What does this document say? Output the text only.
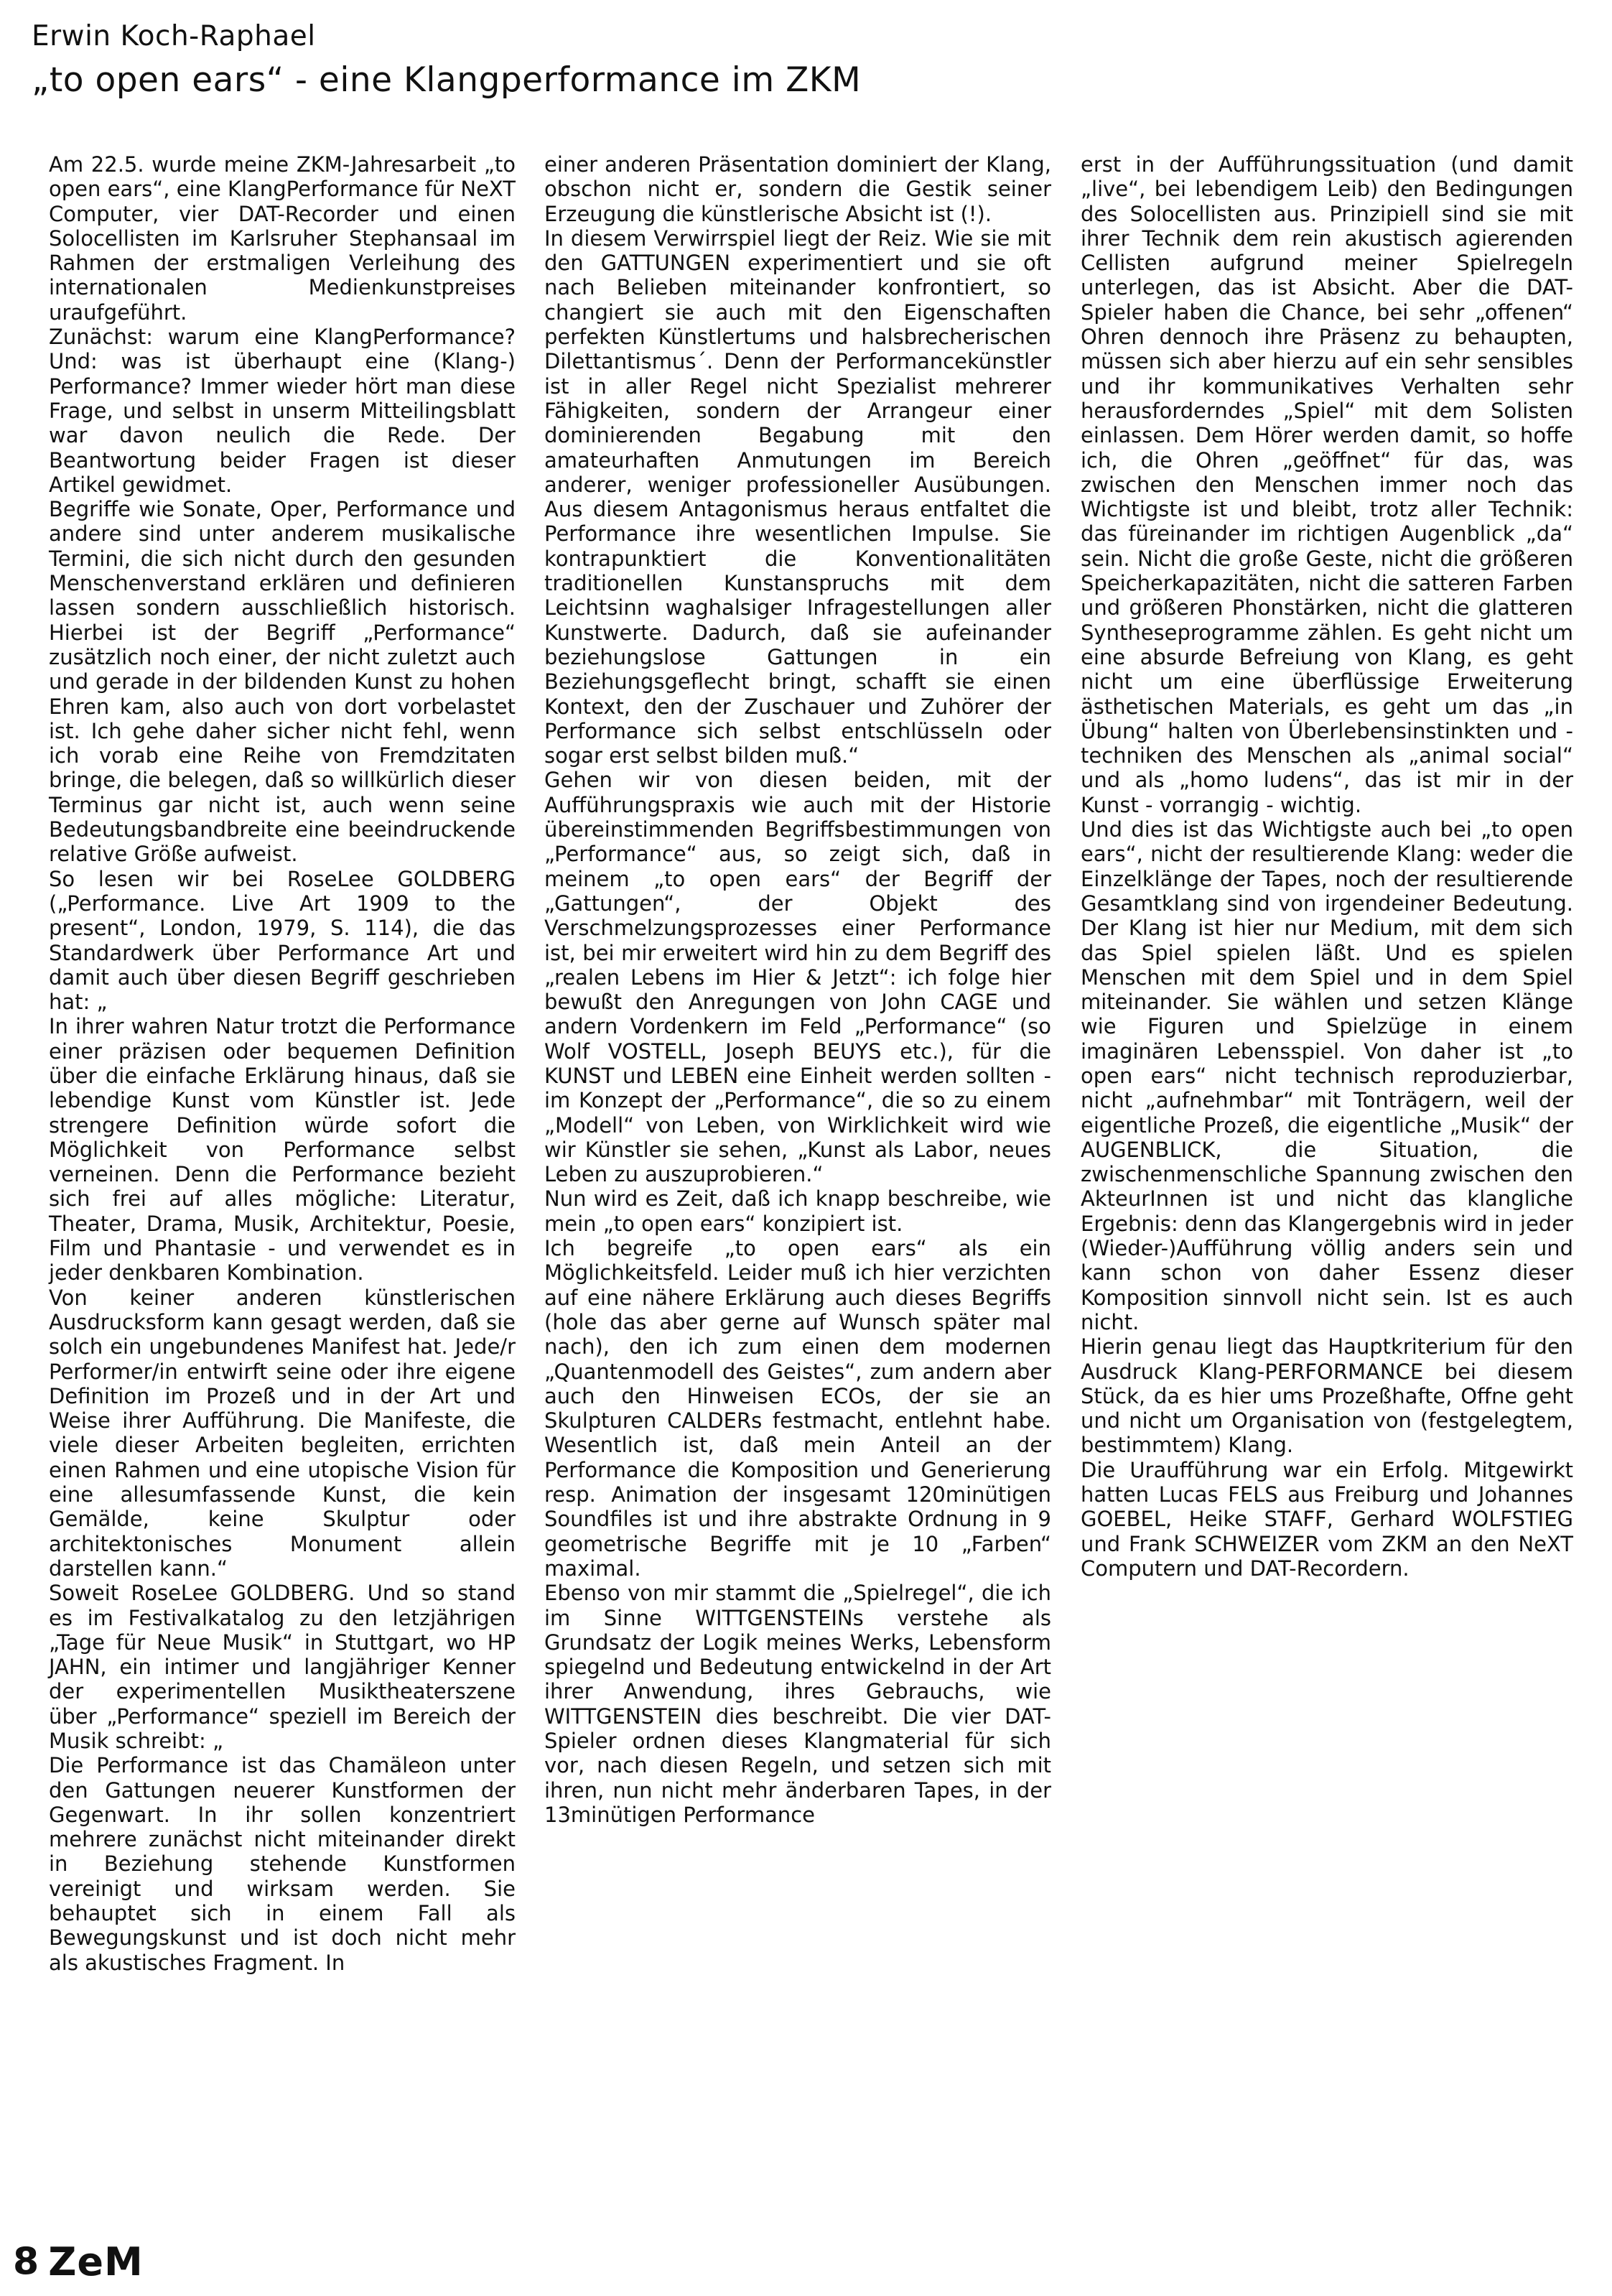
Erwin Koch-Raphael
„to open ears“ - eine Klangperformance im ZKM

Am 22.5. wurde meine ZKM-Jahresarbeit „to open ears“, eine KlangPerformance für NeXT Computer, vier DAT-Recorder und einen Solocellisten im Karlsruher Stephansaal im Rahmen der erstmaligen Verleihung des internationalen Medienkunstpreises uraufgeführt.

Zunächst: warum eine KlangPerformance? Und: was ist überhaupt eine (Klang-) Performance? Immer wieder hört man diese Frage, und selbst in unserm Mitteilingsblatt war davon neulich die Rede. Der Beantwortung beider Fragen ist dieser Artikel gewidmet.

Begriffe wie Sonate, Oper, Performance und andere sind unter anderem musikalische Termini, die sich nicht durch den gesunden Menschenverstand erklären und definieren lassen sondern ausschließlich historisch. Hierbei ist der Begriff „Performance“ zusätzlich noch einer, der nicht zuletzt auch und gerade in der bildenden Kunst zu hohen Ehren kam, also auch von dort vorbelastet ist. Ich gehe daher sicher nicht fehl, wenn ich vorab eine Reihe von Fremdzitaten bringe, die belegen, daß so willkürlich dieser Terminus gar nicht ist, auch wenn seine Bedeutungsbandbreite eine beeindruckende relative Größe aufweist.

So lesen wir bei RoseLee GOLDBERG („Performance. Live Art 1909 to the present“, London, 1979, S. 114), die das Standardwerk über Performance Art und damit auch über diesen Begriff geschrieben hat: „

In ihrer wahren Natur trotzt die Performance einer präzisen oder bequemen Definition über die einfache Erklärung hinaus, daß sie lebendige Kunst vom Künstler ist. Jede strengere Definition würde sofort die Möglichkeit von Performance selbst verneinen. Denn die Performance bezieht sich frei auf alles mögliche: Literatur, Theater, Drama, Musik, Architektur, Poesie, Film und Phantasie - und verwendet es in jeder denkbaren Kombination.

Von keiner anderen künstlerischen Ausdrucksform kann gesagt werden, daß sie solch ein ungebundenes Manifest hat. Jede/r Performer/in entwirft seine oder ihre eigene Definition im Prozeß und in der Art und Weise ihrer Aufführung. Die Manifeste, die viele dieser Arbeiten begleiten, errichten einen Rahmen und eine utopische Vision für eine allesumfassende Kunst, die kein Gemälde, keine Skulptur oder architektonisches Monument allein darstellen kann.“

Soweit RoseLee GOLDBERG. Und so stand es im Festivalkatalog zu den letzjährigen „Tage für Neue Musik“ in Stuttgart, wo HP JAHN, ein intimer und langjähriger Kenner der experimentellen Musiktheaterszene über „Performance“ speziell im Bereich der Musik schreibt: „

Die Performance ist das Chamäleon unter den Gattungen neuerer Kunstformen der Gegenwart. In ihr sollen konzentriert mehrere zunächst nicht miteinander direkt in Beziehung stehende Kunstformen vereinigt und wirksam werden. Sie behauptet sich in einem Fall als Bewegungskunst und ist doch nicht mehr als akustisches Fragment. In

einer anderen Präsentation dominiert der Klang, obschon nicht er, sondern die Gestik seiner Erzeugung die künstlerische Absicht ist (!).

In diesem Verwirrspiel liegt der Reiz. Wie sie mit den GATTUNGEN experimentiert und sie oft nach Belieben miteinander konfrontiert, so changiert sie auch mit den Eigenschaften perfekten Künstlertums und halsbrecherischen Dilettantismus´. Denn der Performancekünstler ist in aller Regel nicht Spezialist mehrerer Fähigkeiten, sondern der Arrangeur einer dominierenden Begabung mit den amateurhaften Anmutungen im Bereich anderer, weniger professioneller Ausübungen. Aus diesem Antagonismus heraus entfaltet die Performance ihre wesentlichen Impulse. Sie kontrapunktiert die Konventionalitäten traditionellen Kunstanspruchs mit dem Leichtsinn waghalsiger Infragestellungen aller Kunstwerte. Dadurch, daß sie aufeinander beziehungslose Gattungen in ein Beziehungsgeflecht bringt, schafft sie einen Kontext, den der Zuschauer und Zuhörer der Performance sich selbst entschlüsseln oder sogar erst selbst bilden muß.“

Gehen wir von diesen beiden, mit der Aufführungspraxis wie auch mit der Historie übereinstimmenden Begriffsbestimmungen von „Performance“ aus, so zeigt sich, daß in meinem „to open ears“ der Begriff der „Gattungen“, der Objekt des Verschmelzungsprozesses einer Performance ist, bei mir erweitert wird hin zu dem Begriff des „realen Lebens im Hier & Jetzt“: ich folge hier bewußt den Anregungen von John CAGE und andern Vordenkern im Feld „Performance“ (so Wolf VOSTELL, Joseph BEUYS etc.), für die KUNST und LEBEN eine Einheit werden sollten - im Konzept der „Performance“, die so zu einem „Modell“ von Leben, von Wirklichkeit wird wie wir Künstler sie sehen, „Kunst als Labor, neues Leben zu auszuprobieren.“

Nun wird es Zeit, daß ich knapp beschreibe, wie mein „to open ears“ konzipiert ist.

Ich begreife „to open ears“ als ein Möglichkeitsfeld. Leider muß ich hier verzichten auf eine nähere Erklärung auch dieses Begriffs (hole das aber gerne auf Wunsch später mal nach), den ich zum einen dem modernen „Quantenmodell des Geistes“, zum andern aber auch den Hinweisen ECOs, der sie an Skulpturen CALDERs festmacht, entlehnt habe. Wesentlich ist, daß mein Anteil an der Performance die Komposition und Generierung resp. Animation der insgesamt 120minütigen Soundfiles ist und ihre abstrakte Ordnung in 9 geometrische Begriffe mit je 10 „Farben“ maximal.

Ebenso von mir stammt die „Spielregel“, die ich im Sinne WITTGENSTEINs verstehe als Grundsatz der Logik meines Werks, Lebensform spiegelnd und Bedeutung entwickelnd in der Art ihrer Anwendung, ihres Gebrauchs, wie WITTGENSTEIN dies beschreibt. Die vier DAT-Spieler ordnen dieses Klangmaterial für sich vor, nach diesen Regeln, und setzen sich mit ihren, nun nicht mehr änderbaren Tapes, in der 13minütigen Performance

erst in der Aufführungssituation (und damit „live“, bei lebendigem Leib) den Bedingungen des Solocellisten aus. Prinzipiell sind sie mit ihrer Technik dem rein akustisch agierenden Cellisten aufgrund meiner Spielregeln unterlegen, das ist Absicht. Aber die DAT-Spieler haben die Chance, bei sehr „offenen“ Ohren dennoch ihre Präsenz zu behaupten, müssen sich aber hierzu auf ein sehr sensibles und ihr kommunikatives Verhalten sehr herausforderndes „Spiel“ mit dem Solisten einlassen. Dem Hörer werden damit, so hoffe ich, die Ohren „geöffnet“ für das, was zwischen den Menschen immer noch das Wichtigste ist und bleibt, trotz aller Technik: das füreinander im richtigen Augenblick „da“ sein. Nicht die große Geste, nicht die größeren Speicherkapazitäten, nicht die satteren Farben und größeren Phonstärken, nicht die glatteren Syntheseprogramme zählen. Es geht nicht um eine absurde Befreiung von Klang, es geht nicht um eine überflüssige Erweiterung ästhetischen Materials, es geht um das „in Übung“ halten von Überlebensinstinkten und -techniken des Menschen als „animal social“ und als „homo ludens“, das ist mir in der Kunst - vorrangig - wichtig.

Und dies ist das Wichtigste auch bei „to open ears“, nicht der resultierende Klang: weder die Einzelklänge der Tapes, noch der resultierende Gesamtklang sind von irgendeiner Bedeutung. Der Klang ist hier nur Medium, mit dem sich das Spiel spielen läßt. Und es spielen Menschen mit dem Spiel und in dem Spiel miteinander. Sie wählen und setzen Klänge wie Figuren und Spielzüge in einem imaginären Lebensspiel. Von daher ist „to open ears“ nicht technisch reproduzierbar, nicht „aufnehmbar“ mit Tonträgern, weil der eigentliche Prozeß, die eigentliche „Musik“ der AUGENBLICK, die Situation, die zwischenmenschliche Spannung zwischen den AkteurInnen ist und nicht das klangliche Ergebnis: denn das Klangergebnis wird in jeder (Wieder-)Aufführung völlig anders sein und kann schon von daher Essenz dieser Komposition sinnvoll nicht sein. Ist es auch nicht.

Hierin genau liegt das Hauptkriterium für den Ausdruck Klang-PERFORMANCE bei diesem Stück, da es hier ums Prozeßhafte, Offne geht und nicht um Organisation von (festgelegtem, bestimmtem) Klang.

Die Uraufführung war ein Erfolg. Mitgewirkt hatten Lucas FELS aus Freiburg und Johannes GOEBEL, Heike STAFF, Gerhard WOLFSTIEG und Frank SCHWEIZER vom ZKM an den NeXT Computern und DAT-Recordern.

8 ZeM
